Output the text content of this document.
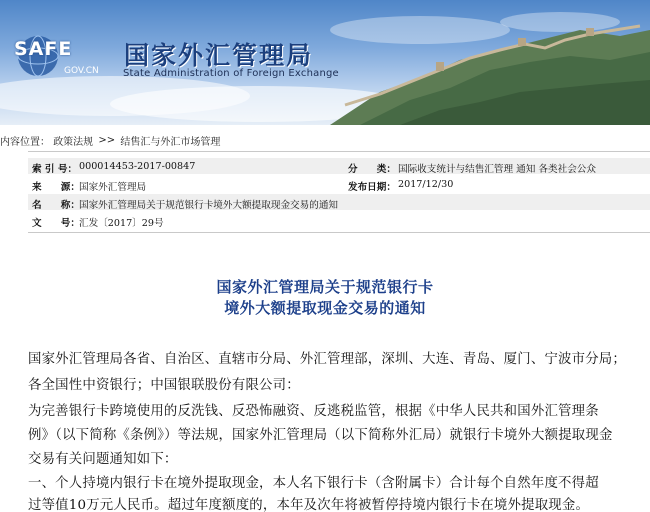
SAFE
GOV.CN
国家外汇管理局
State Administration of Foreign Exchange
内容位置： 政策法规 >> 结售汇与外汇市场管理
索 引 号： 000014453-2017-00847	分　　类： 国际收支统计与结售汇管理 通知 各类社会公众
来　　源： 国家外汇管理局	发布日期： 2017/12/30
名　　称： 国家外汇管理局关于规范银行卡境外大额提取现金交易的通知
文　　号： 汇发〔2017〕29号
国家外汇管理局关于规范银行卡
境外大额提取现金交易的通知
国家外汇管理局各省、自治区、直辖市分局、外汇管理部，深圳、大连、青岛、厦门、宁波市分局；
各全国性中资银行；中国银联股份有限公司：
为完善银行卡跨境使用的反洗钱、反恐怖融资、反逃税监管，根据《中华人民共和国外汇管理条
例》（以下简称《条例》）等法规，国家外汇管理局（以下简称外汇局）就银行卡境外大额提取现金
交易有关问题通知如下：
一、个人持境内银行卡在境外提取现金，本人名下银行卡（含附属卡）合计每个自然年度不得超
过等值10万元人民币。超过年度额度的，本年及次年将被暂停持境内银行卡在境外提取现金。
